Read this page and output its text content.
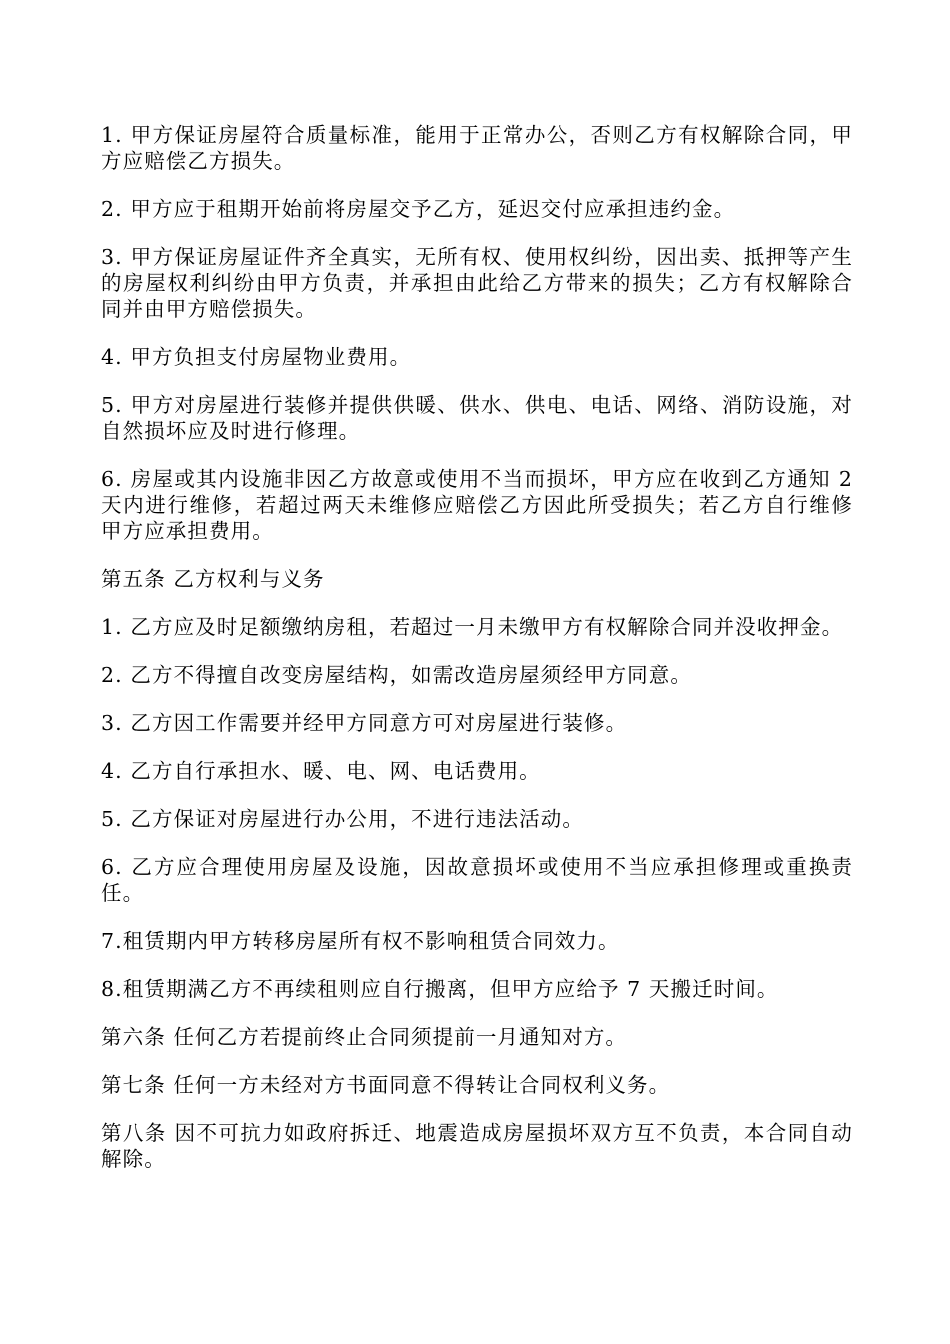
1. 甲方保证房屋符合质量标准，能用于正常办公，否则乙方有权解除合同，甲方应赔偿乙方损失。

2. 甲方应于租期开始前将房屋交予乙方，延迟交付应承担违约金。

3. 甲方保证房屋证件齐全真实，无所有权、使用权纠纷，因出卖、抵押等产生的房屋权利纠纷由甲方负责，并承担由此给乙方带来的损失；乙方有权解除合同并由甲方赔偿损失。

4. 甲方负担支付房屋物业费用。

5. 甲方对房屋进行装修并提供供暖、供水、供电、电话、网络、消防设施，对自然损坏应及时进行修理。

6. 房屋或其内设施非因乙方故意或使用不当而损坏，甲方应在收到乙方通知 2 天内进行维修，若超过两天未维修应赔偿乙方因此所受损失；若乙方自行维修甲方应承担费用。

第五条 乙方权利与义务

1. 乙方应及时足额缴纳房租，若超过一月未缴甲方有权解除合同并没收押金。

2. 乙方不得擅自改变房屋结构，如需改造房屋须经甲方同意。

3. 乙方因工作需要并经甲方同意方可对房屋进行装修。

4. 乙方自行承担水、暖、电、网、电话费用。

5. 乙方保证对房屋进行办公用，不进行违法活动。

6. 乙方应合理使用房屋及设施，因故意损坏或使用不当应承担修理或重换责任。

7.租赁期内甲方转移房屋所有权不影响租赁合同效力。

8.租赁期满乙方不再续租则应自行搬离，但甲方应给予 7 天搬迁时间。

第六条 任何乙方若提前终止合同须提前一月通知对方。

第七条 任何一方未经对方书面同意不得转让合同权利义务。

第八条 因不可抗力如政府拆迁、地震造成房屋损坏双方互不负责，本合同自动解除。
